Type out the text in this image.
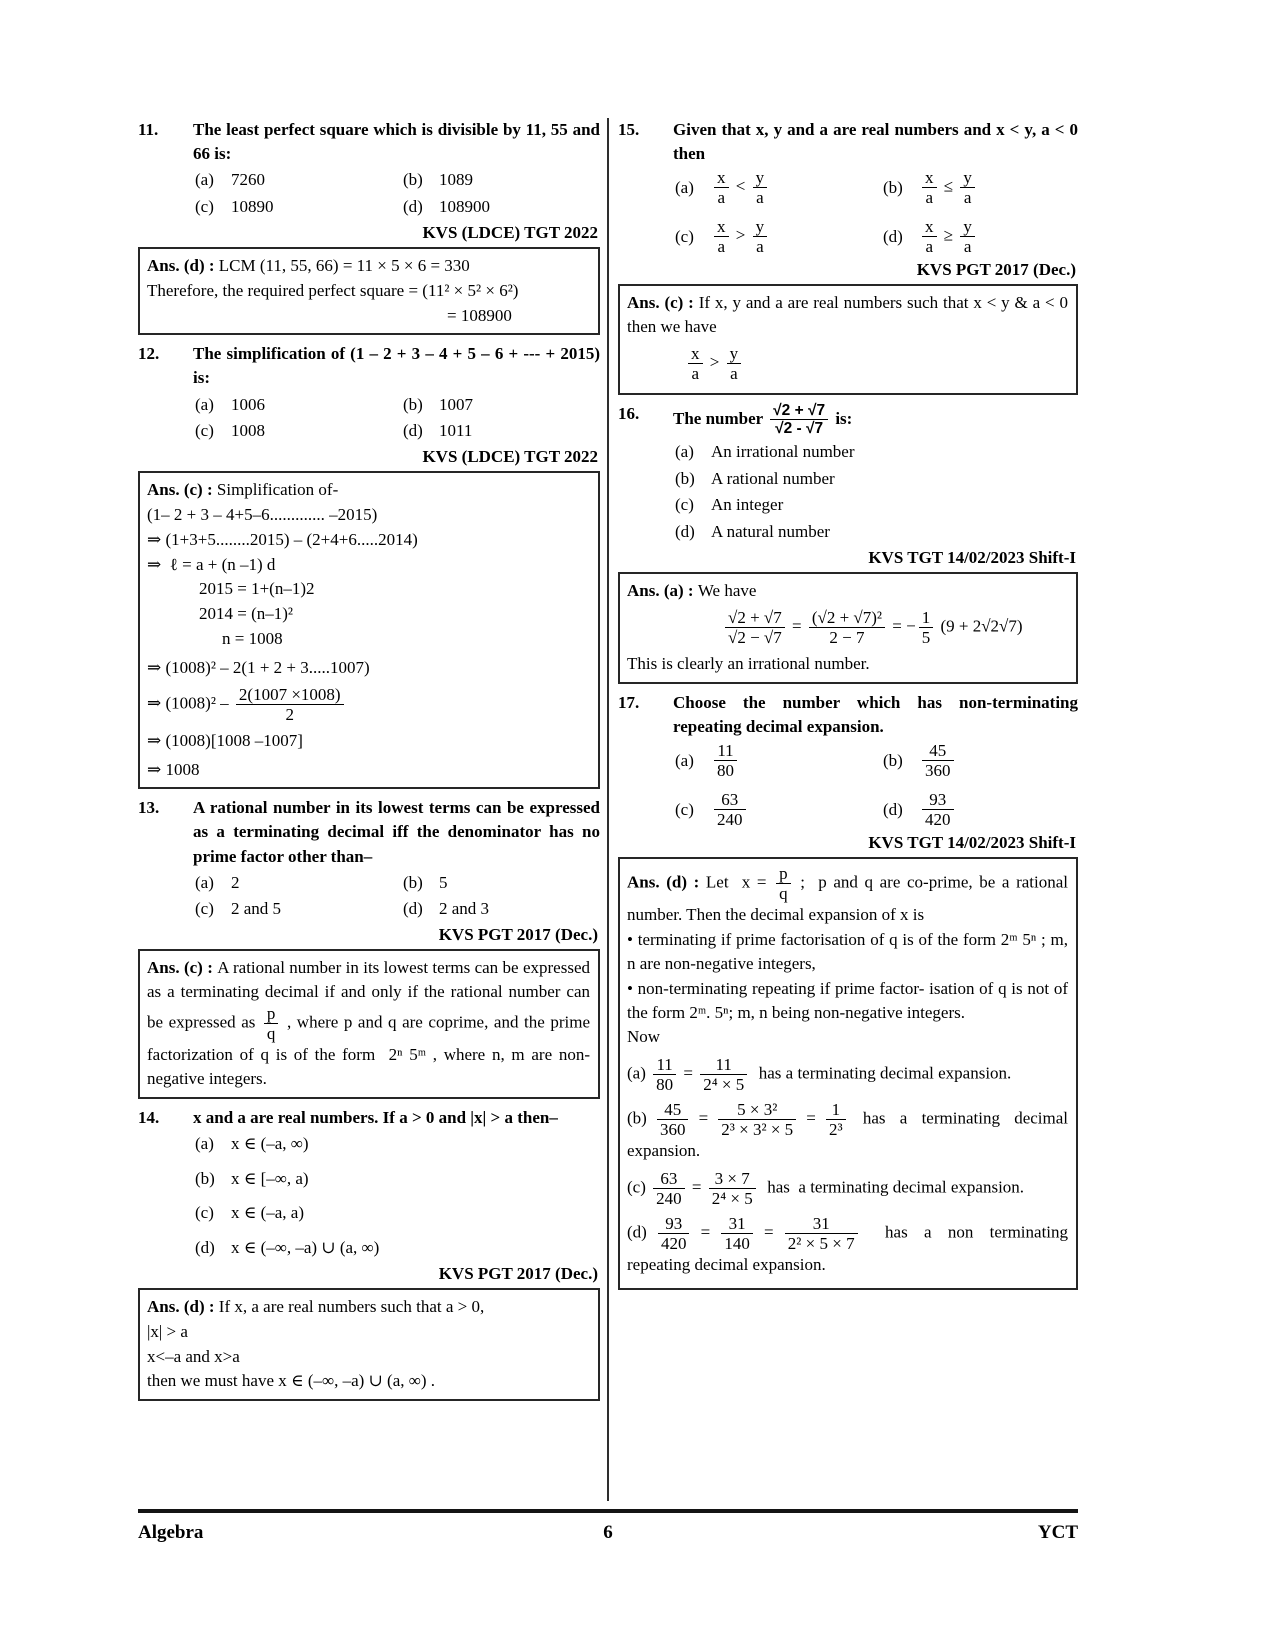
11.	The least perfect square which is divisible by 11, 55 and 66 is:
(a)	7260	(b) 1089
(c)	10890	(d) 108900
KVS (LDCE) TGT 2022
Ans. (d) : LCM (11, 55, 66) = 11 × 5 × 6 = 330
Therefore, the required perfect square = (11² × 5² × 6²)
= 108900
12.	The simplification of (1 – 2 + 3 – 4 + 5 – 6 + --- + 2015) is:
(a)	1006	(b) 1007
(c)	1008	(d) 1011
KVS (LDCE) TGT 2022
Ans. (c) : Simplification of-
(1– 2 + 3 – 4+5–6............. –2015)
⇒ (1+3+5........2015) – (2+4+6.....2014)
⇒  ℓ = a + (n –1) d
2015 = 1+(n–1)2
2014 = (n–1)²
n = 1008
⇒ (1008)² – 2(1 + 2 + 3.....1007)
⇒ $(1008)^2 - \frac{2(1007 \times 1008)}{2}$
⇒ (1008)[1008 –1007]
⇒ 1008
13.	A rational number in its lowest terms can be expressed as a terminating decimal iff the denominator has no prime factor other than–
(a)	2	(b) 5
(c)	2 and 5	(d) 2 and 3
KVS PGT 2017 (Dec.)
Ans. (c) : A rational number in its lowest terms can be expressed as a terminating decimal if and only if the rational number can be expressed as $\frac{p}{q}$ , where p and q are coprime, and the prime factorization of q is of the form  2ⁿ 5ᵐ , where n, m are non-negative integers.
14.	x and a are real numbers. If a > 0 and |x| > a then–
(a)	x ∈ (–a, ∞)
(b) x ∈ [–∞, a)
(c)	x ∈ (–a, a)
(d) x ∈ (–∞, –a) ∪ (a, ∞)
KVS PGT 2017 (Dec.)
Ans. (d) : If x, a are real numbers such that a > 0,
|x| > a
x<–a and x>a
then we must have x ∈ (–∞, –a) ∪ (a, ∞) .
15.	Given that x, y and a are real numbers and x < y, a < 0 then
(a)	$\frac{x}{a} < \frac{y}{a}$	(b)	$\frac{x}{a} \le \frac{y}{a}$
(c)	$\frac{x}{a} > \frac{y}{a}$	(d)	$\frac{x}{a} \ge \frac{y}{a}$
KVS PGT 2017 (Dec.)
Ans. (c) : If x, y and a are real numbers such that x < y & a < 0 then we have
$\frac{x}{a} > \frac{y}{a}$
16.	The number $\frac{√2 + √7}{√2 - √7}$ is:
(a)	An irrational number
(b) A rational number
(c)	An integer
(d) A natural number
KVS TGT 14/02/2023 Shift-I
Ans. (a) : We have
$\frac{√2 + √7}{√2 - √7} = \frac{\text{(√2 + √7)²}}{2 - 7}$ = − $\frac{1}{5} (9 + 2√2√7)$
This is clearly an irrational number.
17.	Choose the number which has non-terminating repeating decimal expansion.
(a)	$\frac{11}{80}$	(b)	$\frac{45}{360}$
(c)	$\frac{63}{240}$	(d)	$\frac{93}{420}$
KVS TGT 14/02/2023 Shift-I
Ans. (d) : Let  $x = \frac{p}{q}$ ;  p and q are co-prime, be a rational number. Then the decimal expansion of x is
• terminating if prime factorisation of q is of the form 2ᵐ 5ⁿ ; m, n are non-negative integers,
• non-terminating repeating if prime factor- isation of q is not of the form 2ᵐ. 5ⁿ; m, n being non-negative integers.
Now
$(a) \frac{11}{80} = \frac{11}{\text{2⁴ × 5}}$ has a terminating decimal expansion.
$(b) \frac{45}{360} = \frac{\text{5 × 3²}}{\text{2³ × 3² × 5}} = \frac{1}{\text{2³}}$ has  a  terminating  decimal expansion.
$(c) \frac{63}{240} = \frac{3 \times 7}{\text{2⁴ × 5}}$ has  a terminating decimal expansion.
$(d) \frac{93}{420} = \frac{31}{140} = \frac{31}{\text{2² × 5 × 7}}$ has  a  non  terminating repeating decimal expansion.
Algebra	6	YCT
